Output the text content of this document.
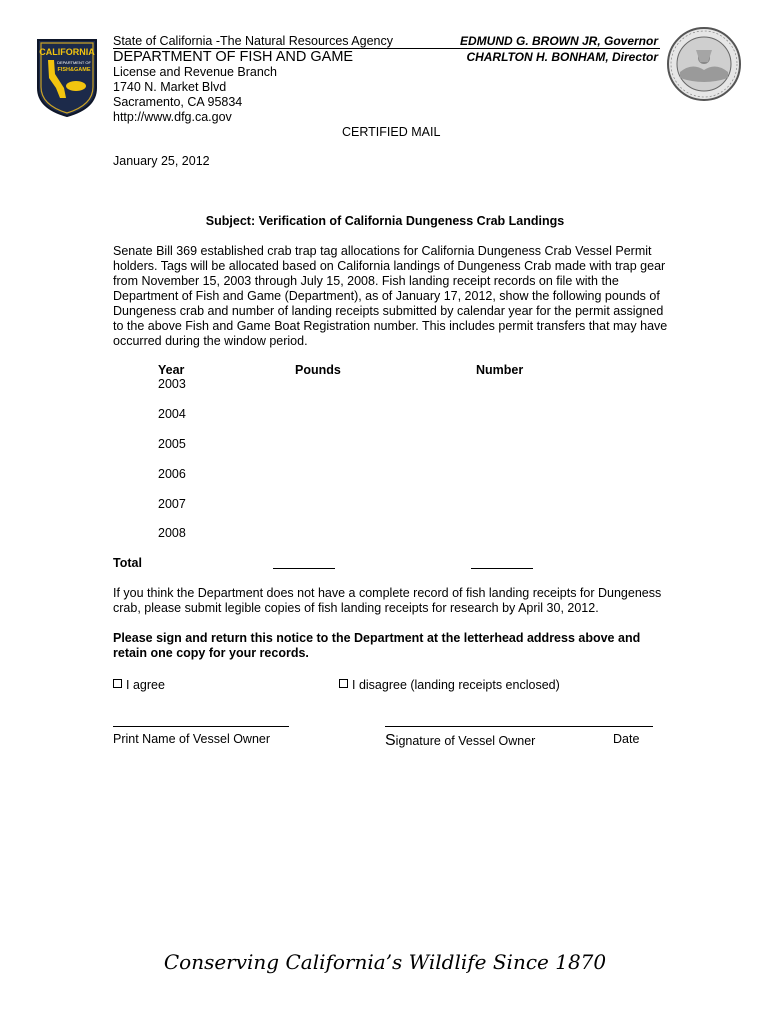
CALIFORNIA
DEPARTMENT OF
FISH&GAME
State of California -The Natural Resources Agency
DEPARTMENT OF FISH AND GAME
License and Revenue Branch
1740 N. Market Blvd
Sacramento, CA 95834
http://www.dfg.ca.gov
EDMUND G. BROWN JR, Governor
CHARLTON H. BONHAM, Director
CERTIFIED MAIL
January 25, 2012
Subject: Verification of California Dungeness Crab Landings
Senate Bill 369 established crab trap tag allocations for California Dungeness Crab Vessel Permit holders. Tags will be allocated based on California landings of Dungeness Crab made with trap gear from November 15, 2003 through July 15, 2008. Fish landing receipt records on file with the Department of Fish and Game (Department), as of January 17, 2012, show the following pounds of Dungeness crab and number of landing receipts submitted by calendar year for the permit assigned to the above Fish and Game Boat Registration number. This includes permit transfers that may have occurred during the window period.
Year	Pounds	Number
2003
2004
2005
2006
2007
2008
Total
If you think the Department does not have a complete record of fish landing receipts for Dungeness crab, please submit legible copies of fish landing receipts for research by April 30, 2012.
Please sign and return this notice to the Department at the letterhead address above and retain one copy for your records.
I agree	I disagree (landing receipts enclosed)
Print Name of Vessel Owner	Signature of Vessel Owner	Date
Conserving California’s Wildlife Since 1870
